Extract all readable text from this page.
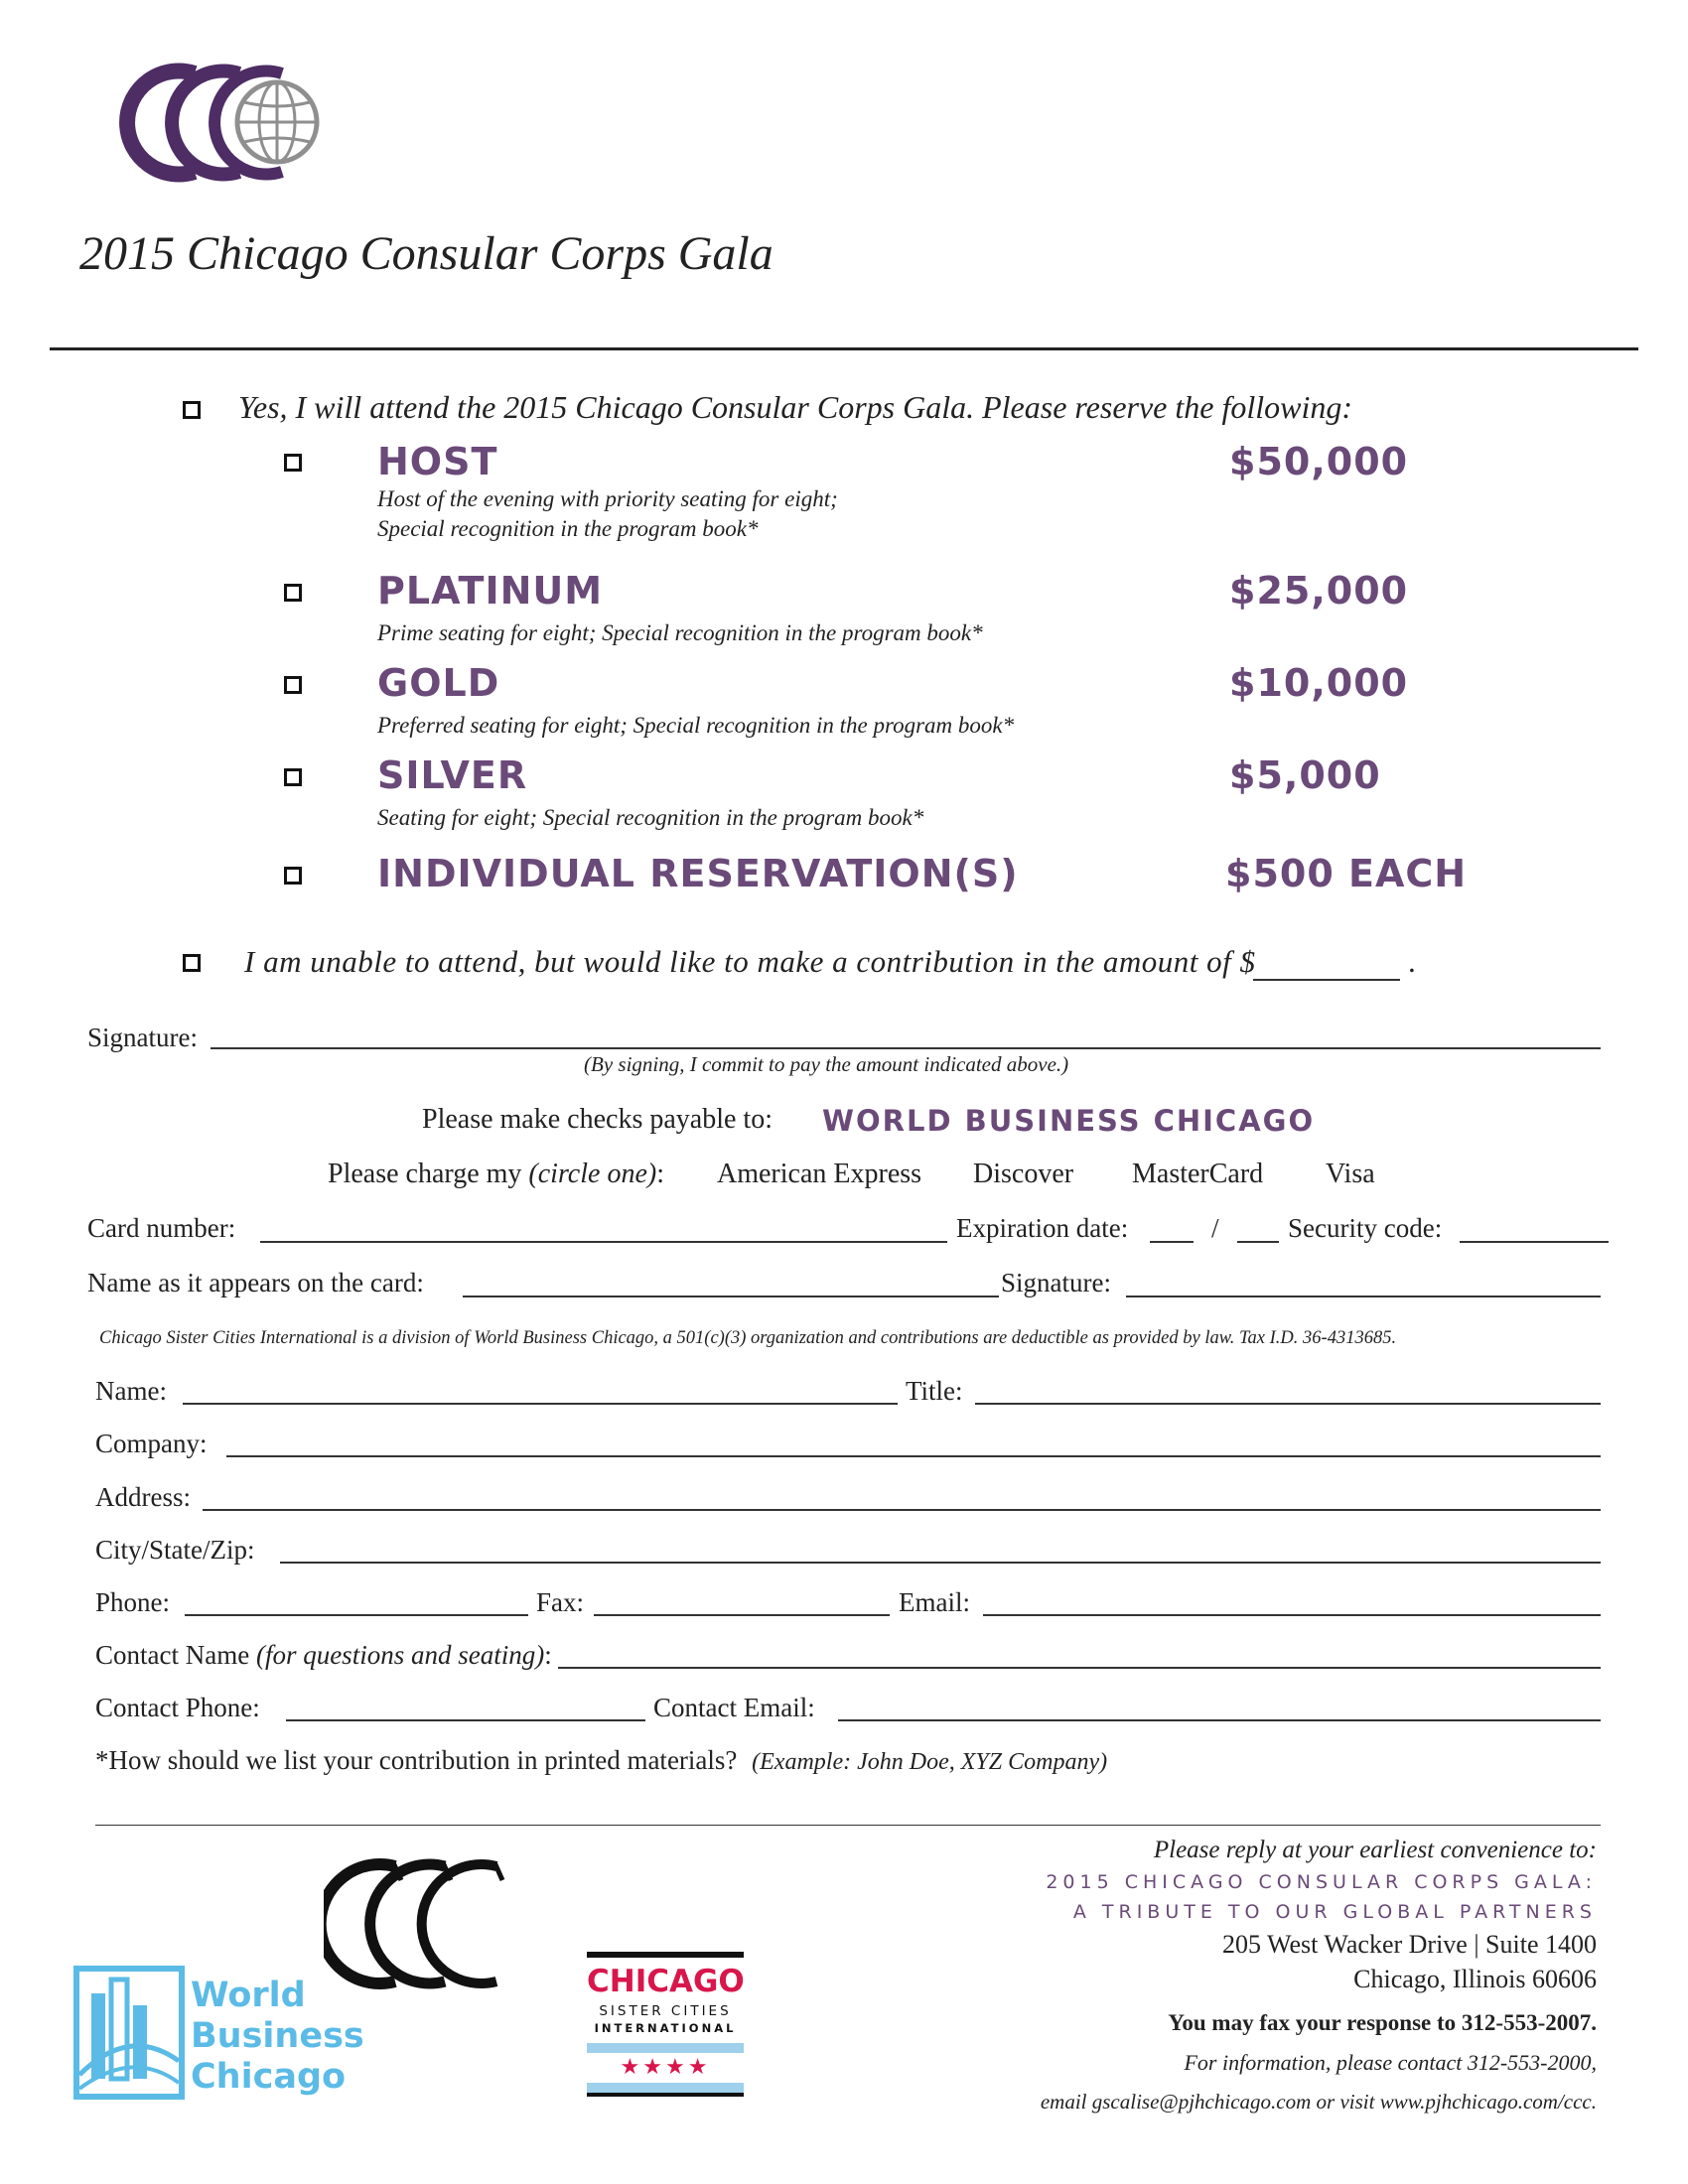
2015 Chicago Consular Corps Gala
Yes, I will attend the 2015 Chicago Consular Corps Gala. Please reserve the following:
HOST	$50,000
Host of the evening with priority seating for eight;
Special recognition in the program book*
PLATINUM	$25,000
Prime seating for eight; Special recognition in the program book*
GOLD	$10,000
Preferred seating for eight; Special recognition in the program book*
SILVER	$5,000
Seating for eight; Special recognition in the program book*
INDIVIDUAL RESERVATION(S)	$500 EACH
I am unable to attend, but would like to make a contribution in the amount of $	.
Signature:
(By signing, I commit to pay the amount indicated above.)
Please make checks payable to: WORLD BUSINESS CHICAGO
Please charge my (circle one): American Express Discover MasterCard Visa
Card number:	Expiration date:	/	Security code:
Name as it appears on the card:	Signature:
Chicago Sister Cities International is a division of World Business Chicago, a 501(c)(3) organization and contributions are deductible as provided by law. Tax I.D. 36-4313685.
Name:	Title:
Company:
Address:
City/State/Zip:
Phone:	Fax:	Email:
Contact Name (for questions and seating):
Contact Phone:	Contact Email:
*How should we list your contribution in printed materials? (Example: John Doe, XYZ Company)
World
Business
Chicago
CHICAGO
SISTER CITIES
INTERNATIONAL
★★★★
Please reply at your earliest convenience to:
2015 CHICAGO CONSULAR CORPS GALA:
A TRIBUTE TO OUR GLOBAL PARTNERS
205 West Wacker Drive | Suite 1400
Chicago, Illinois 60606
You may fax your response to 312-553-2007.
For information, please contact 312-553-2000,
email gscalise@pjhchicago.com or visit www.pjhchicago.com/ccc.
